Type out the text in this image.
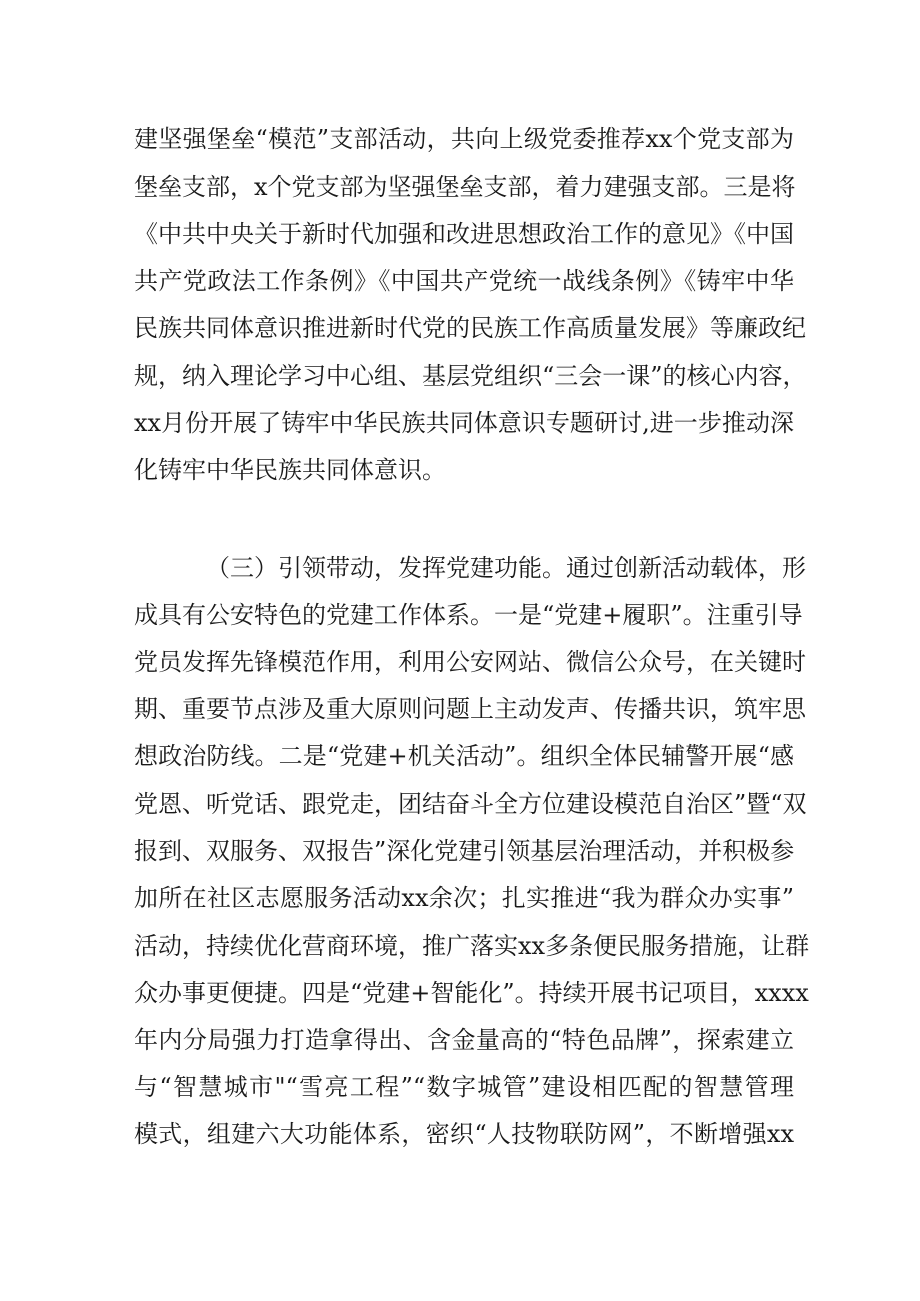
建坚强堡垒“模范”支部活动，共向上级党委推荐xx个党支部为
堡垒支部，x个党支部为坚强堡垒支部，着力建强支部。三是将
《中共中央关于新时代加强和改进思想政治工作的意见》《中国
共产党政法工作条例》《中国共产党统一战线条例》《铸牢中华
民族共同体意识推进新时代党的民族工作高质量发展》等廉政纪
规，纳入理论学习中心组、基层党组织“三会一课”的核心内容，
xx月份开展了铸牢中华民族共同体意识专题研讨,进一步推动深
化铸牢中华民族共同体意识。
（三）引领带动，发挥党建功能。通过创新活动载体，形
成具有公安特色的党建工作体系。一是“党建+履职”。注重引导
党员发挥先锋模范作用，利用公安网站、微信公众号，在关键时
期、重要节点涉及重大原则问题上主动发声、传播共识，筑牢思
想政治防线。二是“党建+机关活动”。组织全体民辅警开展“感
党恩、听党话、跟党走，团结奋斗全方位建设模范自治区”暨“双
报到、双服务、双报告”深化党建引领基层治理活动，并积极参
加所在社区志愿服务活动xx余次；扎实推进“我为群众办实事”
活动，持续优化营商环境，推广落实xx多条便民服务措施，让群
众办事更便捷。四是“党建+智能化”。持续开展书记项目，xxxx
年内分局强力打造拿得出、含金量高的“特色品牌”，探索建立
与“智慧城市"“雪亮工程”“数字城管”建设相匹配的智慧管理
模式，组建六大功能体系，密织“人技物联防网”，不断增强xx
